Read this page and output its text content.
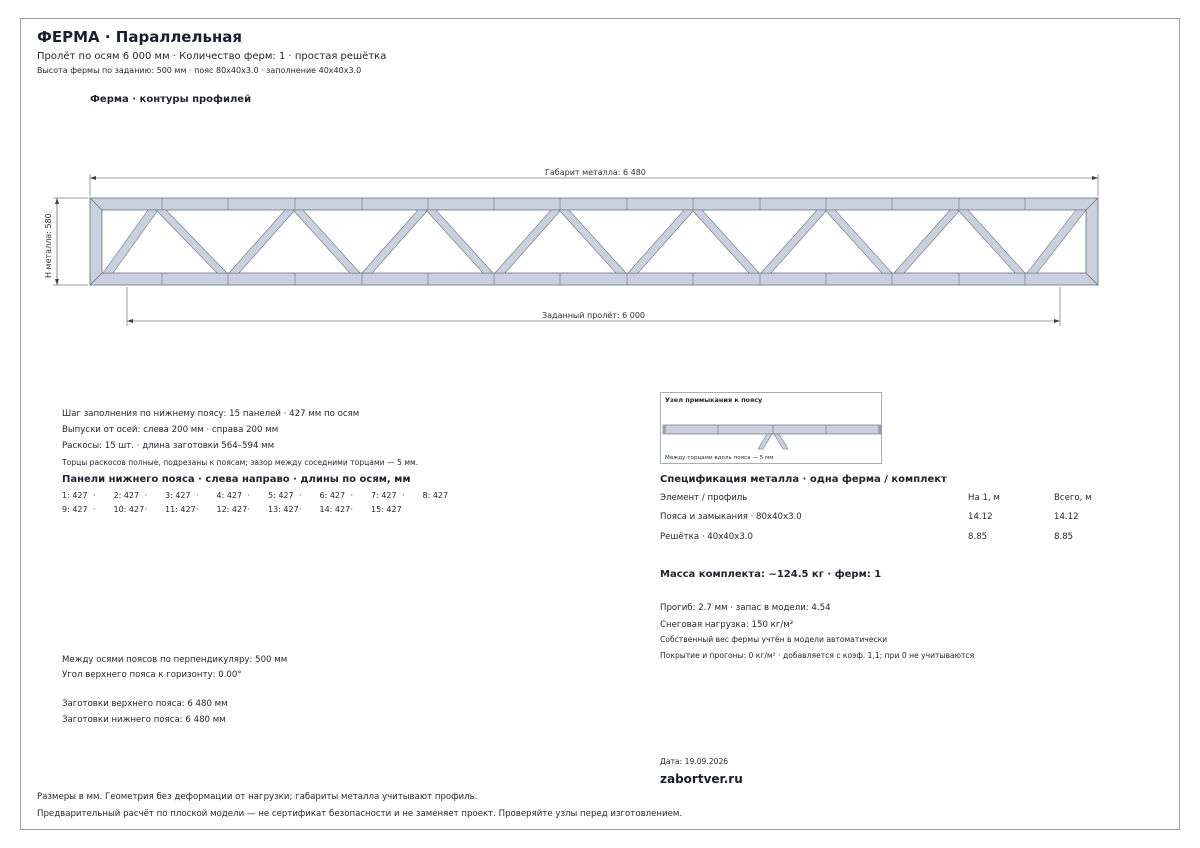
ФЕРМА · Параллельная
Пролёт по осям 6 000 мм · Количество ферм: 1 · простая решётка
Высота фермы по заданию: 500 мм · пояс 80x40x3.0 · заполнение 40x40x3.0
Ферма · контуры профилей
Габарит металла: 6 480
Н металла: 580
Заданный пролёт: 6 000
Шаг заполнения по нижнему поясу: 15 панелей · 427 мм по осям
Выпуски от осей: слева 200 мм · справа 200 мм
Раскосы: 15 шт. · длина заготовки 564–594 мм
Торцы раскосов полные, подрезаны к поясам; зазор между соседними торцами — 5 мм.
Панели нижнего пояса · слева направо · длины по осям, мм
1: 427 · 2: 427 · 3: 427 · 4: 427 · 5: 427 · 6: 427 · 7: 427 · 8: 427
9: 427 · 10: 427 · 11: 427 · 12: 427 · 13: 427 · 14: 427 · 15: 427
Между осями поясов по перпендикуляру: 500 мм
Угол верхнего пояса к горизонту: 0.00°
Заготовки верхнего пояса: 6 480 мм
Заготовки нижнего пояса: 6 480 мм
Узел примыкания к поясу
Между торцами вдоль пояса — 5 мм
Спецификация металла · одна ферма / комплект
Элемент / профиль	На 1, м	Всего, м
Пояса и замыкания · 80x40x3.0	14.12	14.12
Решётка · 40x40x3.0	8.85	8.85
Масса комплекта: ~124.5 кг · ферм: 1
Прогиб: 2.7 мм · запас в модели: 4.54
Снеговая нагрузка: 150 кг/м²
Собственный вес фермы учтён в модели автоматически
Покрытие и прогоны: 0 кг/м² · добавляется с коэф. 1,1; при 0 не учитываются
Дата: 19.09.2026
zabortver.ru
Размеры в мм. Геометрия без деформации от нагрузки; габариты металла учитывают профиль.
Предварительный расчёт по плоской модели — не сертификат безопасности и не заменяет проект. Проверяйте узлы перед изготовлением.
